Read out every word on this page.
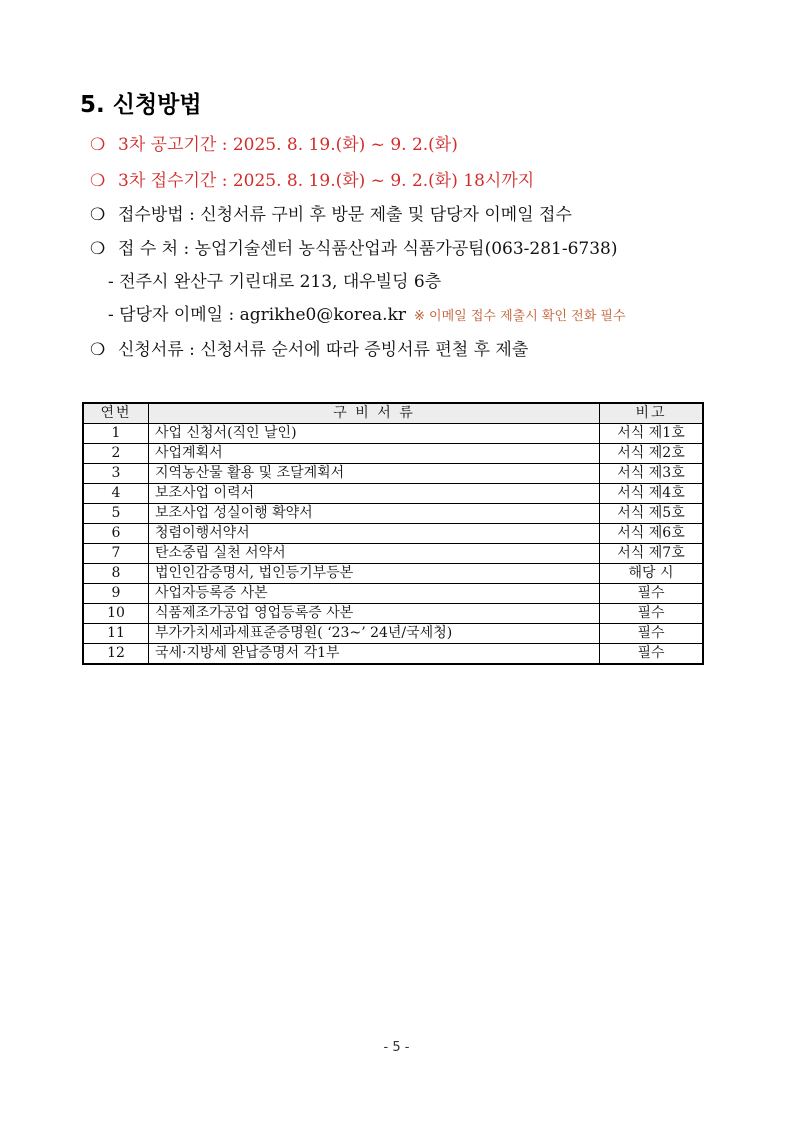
5. 신청방법
❍ 3차 공고기간 : 2025. 8. 19.(화) ~ 9. 2.(화)
❍ 3차 접수기간 : 2025. 8. 19.(화) ~ 9. 2.(화) 18시까지
❍ 접수방법 : 신청서류 구비 후 방문 제출 및 담당자 이메일 접수
❍ 접 수 처 : 농업기술센터 농식품산업과 식품가공팀(063-281-6738)
- 전주시 완산구 기린대로 213, 대우빌딩 6층
- 담당자 이메일 : agrikhe0@korea.kr ※ 이메일 접수 제출시 확인 전화 필수
❍ 신청서류 : 신청서류 순서에 따라 증빙서류 편철 후 제출
연번	구 비 서 류	비고
1	사업 신청서(직인 날인)	서식 제1호
2	사업계획서	서식 제2호
3	지역농산물 활용 및 조달계획서	서식 제3호
4	보조사업 이력서	서식 제4호
5	보조사업 성실이행 확약서	서식 제5호
6	청렴이행서약서	서식 제6호
7	탄소중립 실천 서약서	서식 제7호
8	법인인감증명서, 법인등기부등본	해당 시
9	사업자등록증 사본	필수
10	식품제조가공업 영업등록증 사본	필수
11	부가가치세과세표준증명원( ‘23~’ 24년/국세청)	필수
12	국세·지방세 완납증명서 각1부	필수
- 5 -
